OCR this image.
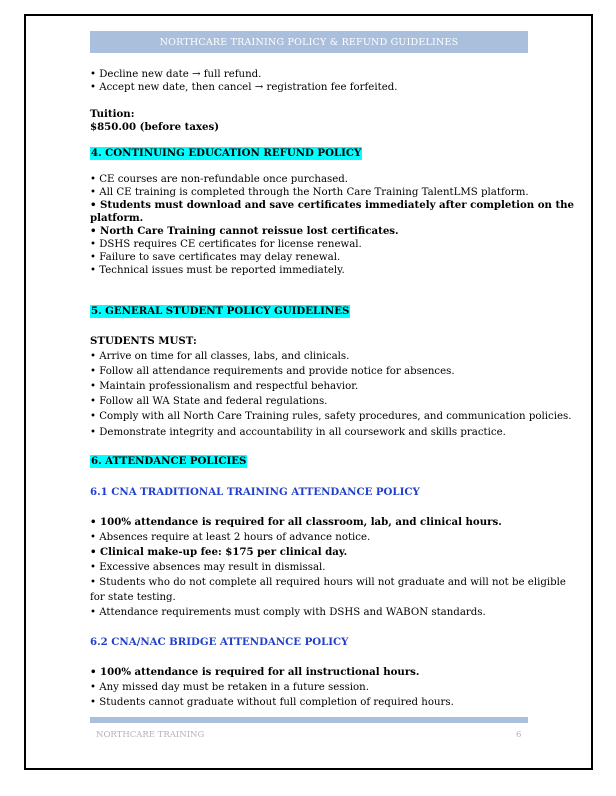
NORTHCARE TRAINING POLICY & REFUND GUIDELINES
• Decline new date → full refund.
• Accept new date, then cancel → registration fee forfeited.
Tuition:
$850.00 (before taxes)
4. CONTINUING EDUCATION REFUND POLICY
• CE courses are non-refundable once purchased.
• All CE training is completed through the North Care Training TalentLMS platform.
• Students must download and save certificates immediately after completion on the
platform.
• North Care Training cannot reissue lost certificates.
• DSHS requires CE certificates for license renewal.
• Failure to save certificates may delay renewal.
• Technical issues must be reported immediately.
5. GENERAL STUDENT POLICY GUIDELINES
STUDENTS MUST:
• Arrive on time for all classes, labs, and clinicals.
• Follow all attendance requirements and provide notice for absences.
• Maintain professionalism and respectful behavior.
• Follow all WA State and federal regulations.
• Comply with all North Care Training rules, safety procedures, and communication policies.
• Demonstrate integrity and accountability in all coursework and skills practice.
6. ATTENDANCE POLICIES
6.1 CNA TRADITIONAL TRAINING ATTENDANCE POLICY
• 100% attendance is required for all classroom, lab, and clinical hours.
• Absences require at least 2 hours of advance notice.
• Clinical make-up fee: $175 per clinical day.
• Excessive absences may result in dismissal.
• Students who do not complete all required hours will not graduate and will not be eligible
for state testing.
• Attendance requirements must comply with DSHS and WABON standards.
6.2 CNA/NAC BRIDGE ATTENDANCE POLICY
• 100% attendance is required for all instructional hours.
• Any missed day must be retaken in a future session.
• Students cannot graduate without full completion of required hours.
NORTHCARE TRAINING	6
